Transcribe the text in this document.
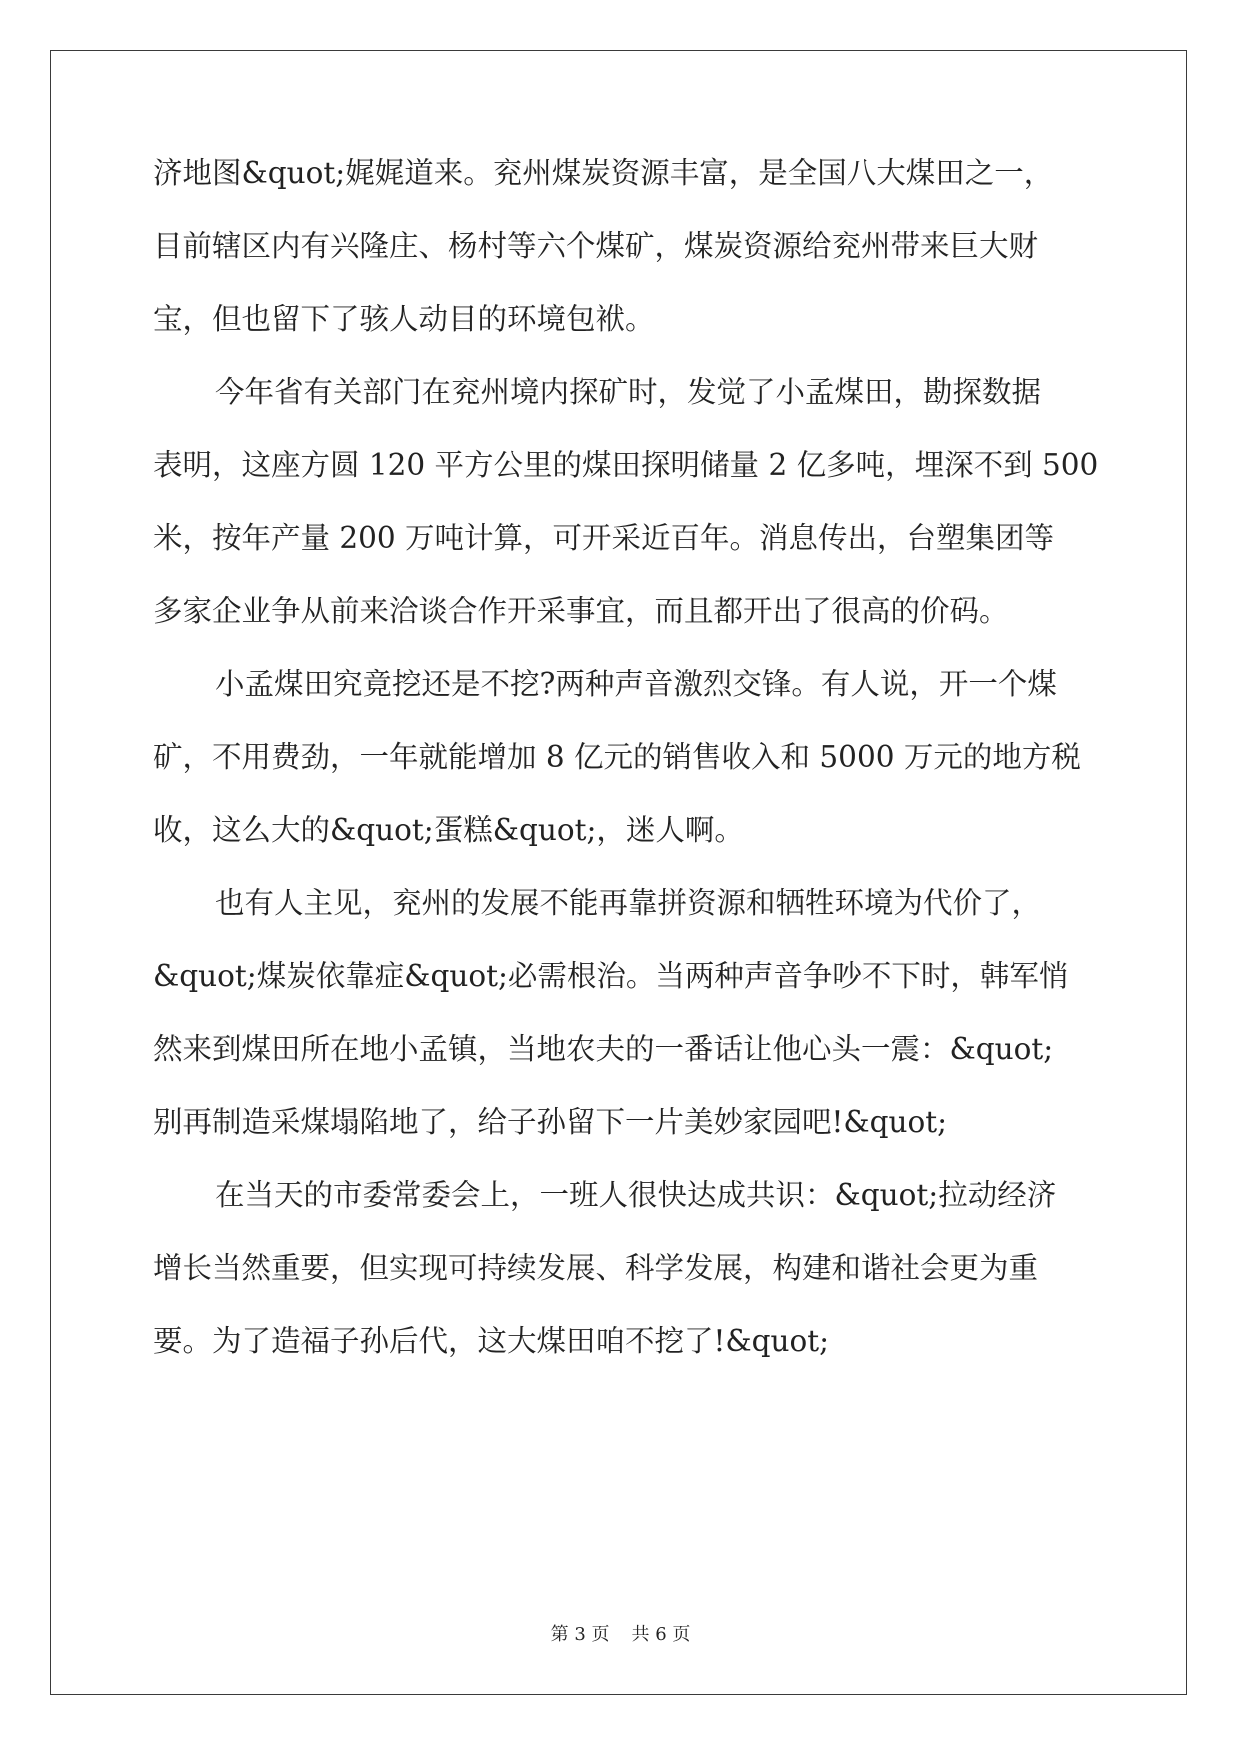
济地图&quot;娓娓道来。兖州煤炭资源丰富，是全国八大煤田之一，

目前辖区内有兴隆庄、杨村等六个煤矿，煤炭资源给兖州带来巨大财

宝，但也留下了骇人动目的环境包袱。

今年省有关部门在兖州境内探矿时，发觉了小孟煤田，勘探数据

表明，这座方圆 120 平方公里的煤田探明储量 2 亿多吨，埋深不到 500

米，按年产量 200 万吨计算，可开采近百年。消息传出，台塑集团等

多家企业争从前来洽谈合作开采事宜，而且都开出了很高的价码。

小孟煤田究竟挖还是不挖?两种声音激烈交锋。有人说，开一个煤

矿，不用费劲，一年就能增加 8 亿元的销售收入和 5000 万元的地方税

收，这么大的&quot;蛋糕&quot;，迷人啊。

也有人主见，兖州的发展不能再靠拼资源和牺牲环境为代价了，

&quot;煤炭依靠症&quot;必需根治。当两种声音争吵不下时，韩军悄

然来到煤田所在地小孟镇，当地农夫的一番话让他心头一震：&quot;

别再制造采煤塌陷地了，给子孙留下一片美妙家园吧!&quot;

在当天的市委常委会上，一班人很快达成共识：&quot;拉动经济

增长当然重要，但实现可持续发展、科学发展，构建和谐社会更为重

要。为了造福子孙后代，这大煤田咱不挖了!&quot;

第 3 页 共 6 页
